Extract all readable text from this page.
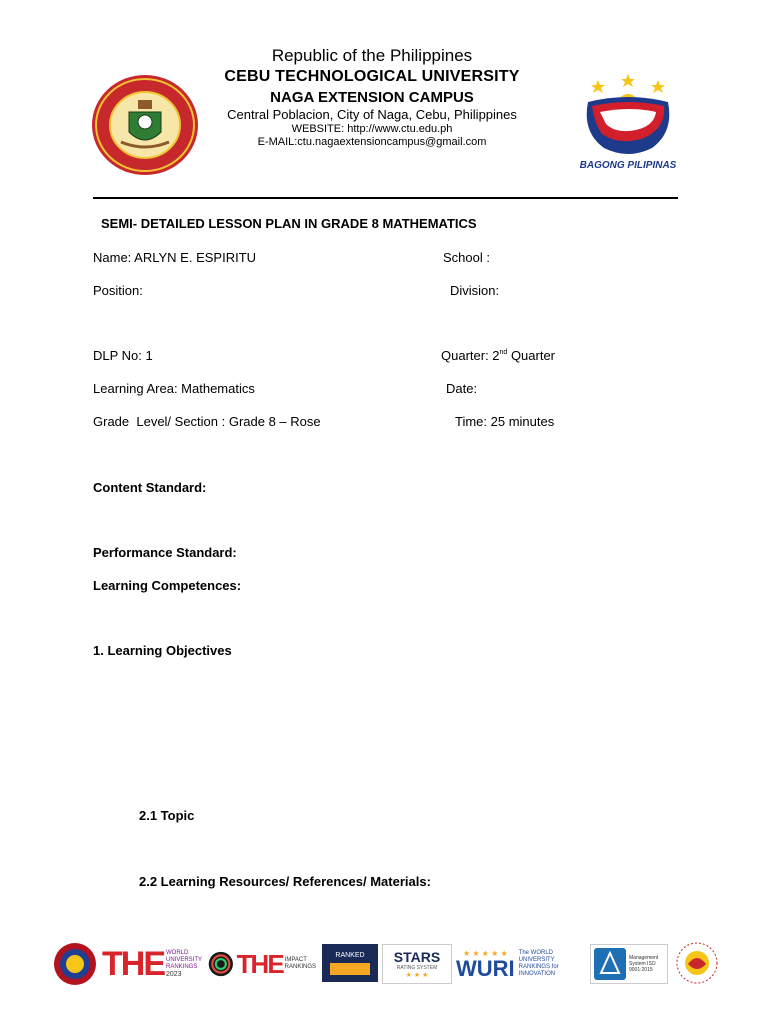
Republic of the Philippines
CEBU TECHNOLOGICAL UNIVERSITY
NAGA EXTENSION CAMPUS
Central Poblacion, City of Naga, Cebu, Philippines
WEBSITE: http://www.ctu.edu.ph
E-MAIL:ctu.nagaextensioncampus@gmail.com
BAGONG PILIPINAS
SEMI- DETAILED LESSON PLAN IN GRADE 8 MATHEMATICS
Name: ARLYN E. ESPIRITU	School :
Position:	Division:
DLP No: 1	Quarter: 2nd Quarter
Learning Area: Mathematics	Date:
Grade  Level/ Section : Grade 8 – Rose	Time: 25 minutes
Content Standard:
Performance Standard:
Learning Competences:
1. Learning Objectives
2.1 Topic
2.2 Learning Resources/ References/ Materials:
THE WORLD UNIVERSITY RANKINGS
2023	THE IMPACT RANKINGS
RANKED STARS
RATING SYSTEM
★ ★ ★
★ ★ ★ ★ ★
WURI
The WORLD UNIVERSITY RANKINGS for INNOVATION
Management System ISO 9001:2015
